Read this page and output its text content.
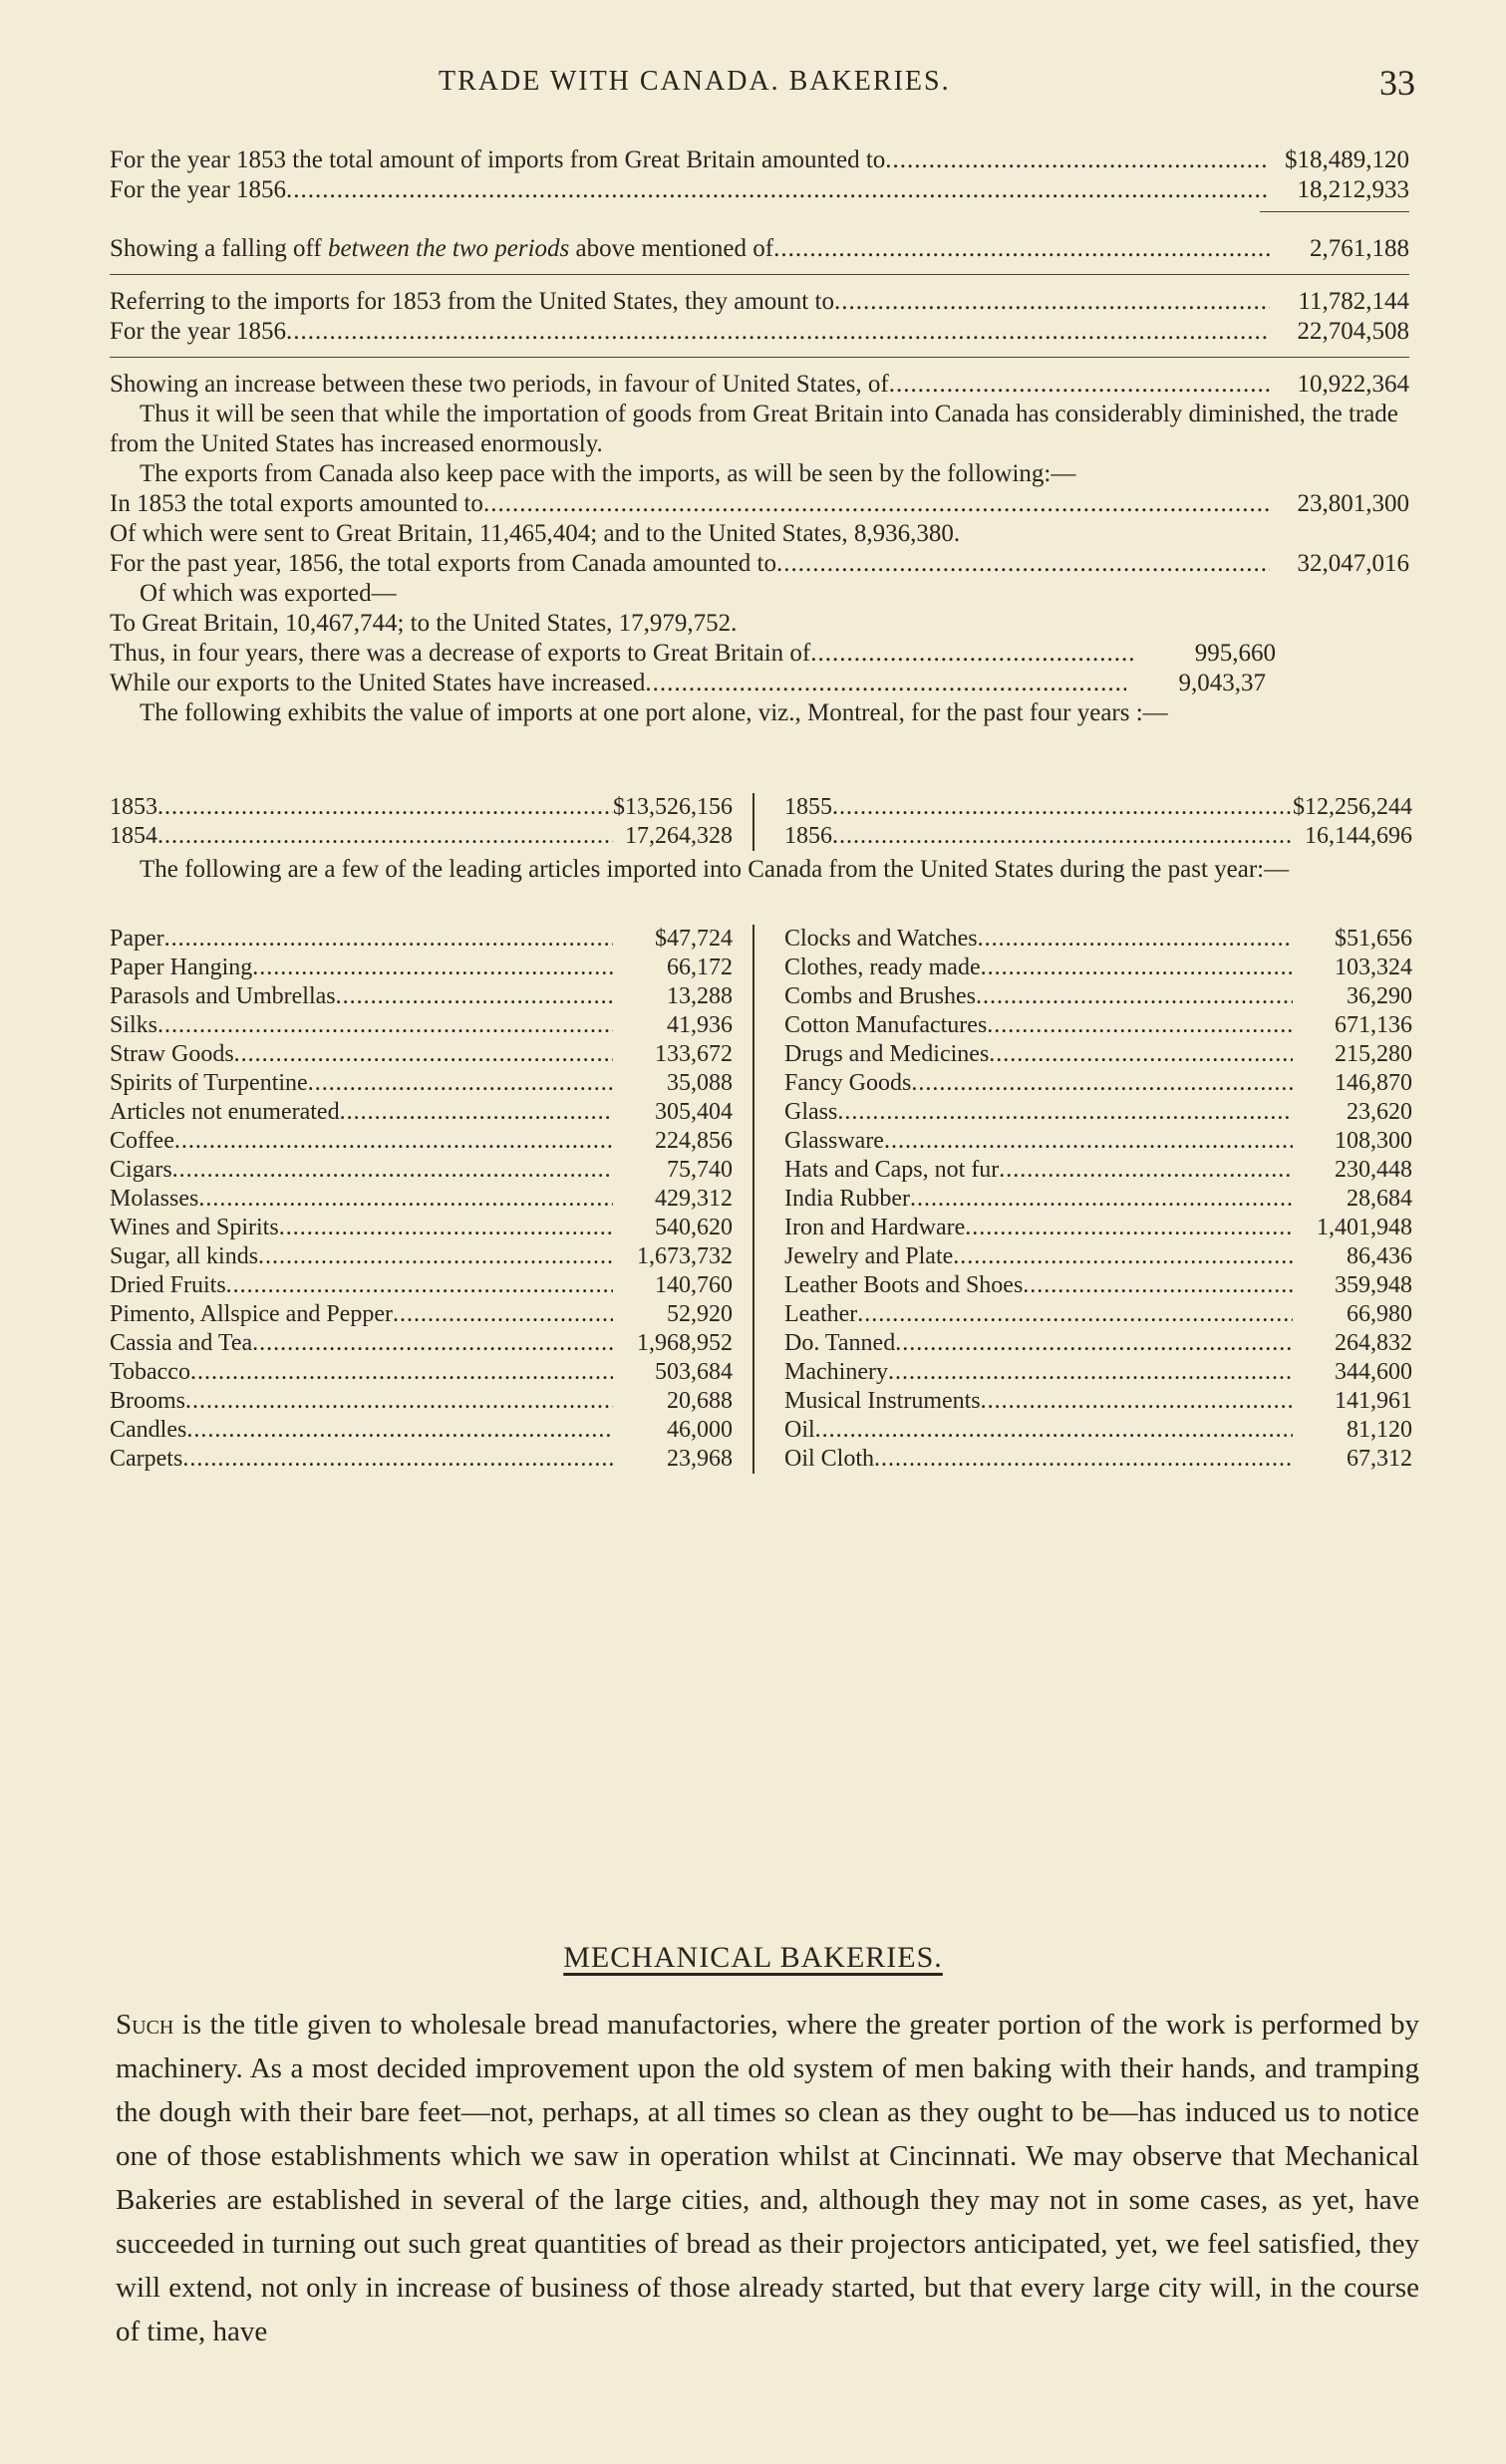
TRADE WITH CANADA. BAKERIES.	33
For the year 1853 the total amount of imports from Great Britain amounted to .....	$18,489,120
For the year 1856 .....	18,212,933
Showing a falling off between the two periods above mentioned of .....	2,761,188
Referring to the imports for 1853 from the United States, they amount to .....	11,782,144
For the year 1856 .....	22,704,508
Showing an increase between these two periods, in favour of United States, of .....	10,922,364
Thus it will be seen that while the importation of goods from Great Britain into Canada has considerably diminished, the trade from the United States has increased enormously.
The exports from Canada also keep pace with the imports, as will be seen by the following:—
In 1853 the total exports amounted to .....	23,801,300
Of which were sent to Great Britain, 11,465,404; and to the United States, 8,936,380.
For the past year, 1856, the total exports from Canada amounted to .....	32,047,016
Of which was exported—
To Great Britain, 10,467,744; to the United States, 17,979,752.
Thus, in four years, there was a decrease of exports to Great Britain of .....	995,660
While our exports to the United States have increased .....	9,043,37
The following exhibits the value of imports at one port alone, viz., Montreal, for the past four years :—
1853 .....	$13,526,156
1854 .....	17,264,328
1855 .....	$12,256,244
1856 .....	16,144,696
The following are a few of the leading articles imported into Canada from the United States during the past year:—
Paper .....	$47,724
Paper Hanging .....	66,172
Parasols and Umbrellas .....	13,288
Silks .....	41,936
Straw Goods .....	133,672
Spirits of Turpentine .....	35,088
Articles not enumerated .....	305,404
Coffee .....	224,856
Cigars .....	75,740
Molasses .....	429,312
Wines and Spirits .....	540,620
Sugar, all kinds .....	1,673,732
Dried Fruits .....	140,760
Pimento, Allspice and Pepper .....	52,920
Cassia and Tea .....	1,968,952
Tobacco .....	503,684
Brooms .....	20,688
Candles .....	46,000
Carpets .....	23,968
Clocks and Watches .....	$51,656
Clothes, ready made .....	103,324
Combs and Brushes .....	36,290
Cotton Manufactures .....	671,136
Drugs and Medicines .....	215,280
Fancy Goods .....	146,870
Glass .....	23,620
Glassware .....	108,300
Hats and Caps, not fur .....	230,448
India Rubber .....	28,684
Iron and Hardware .....	1,401,948
Jewelry and Plate .....	86,436
Leather Boots and Shoes .....	359,948
Leather .....	66,980
Do. Tanned .....	264,832
Machinery .....	344,600
Musical Instruments .....	141,961
Oil .....	81,120
Oil Cloth .....	67,312
MECHANICAL BAKERIES.
Such is the title given to wholesale bread manufactories, where the greater portion of the work is performed by machinery. As a most decided improvement upon the old system of men baking with their hands, and tramping the dough with their bare feet—not, perhaps, at all times so clean as they ought to be—has induced us to notice one of those establishments which we saw in operation whilst at Cincinnati. We may observe that Mechanical Bakeries are established in several of the large cities, and, although they may not in some cases, as yet, have succeeded in turning out such great quantities of bread as their projectors anticipated, yet, we feel satisfied, they will extend, not only in increase of business of those already started, but that every large city will, in the course of time, have
